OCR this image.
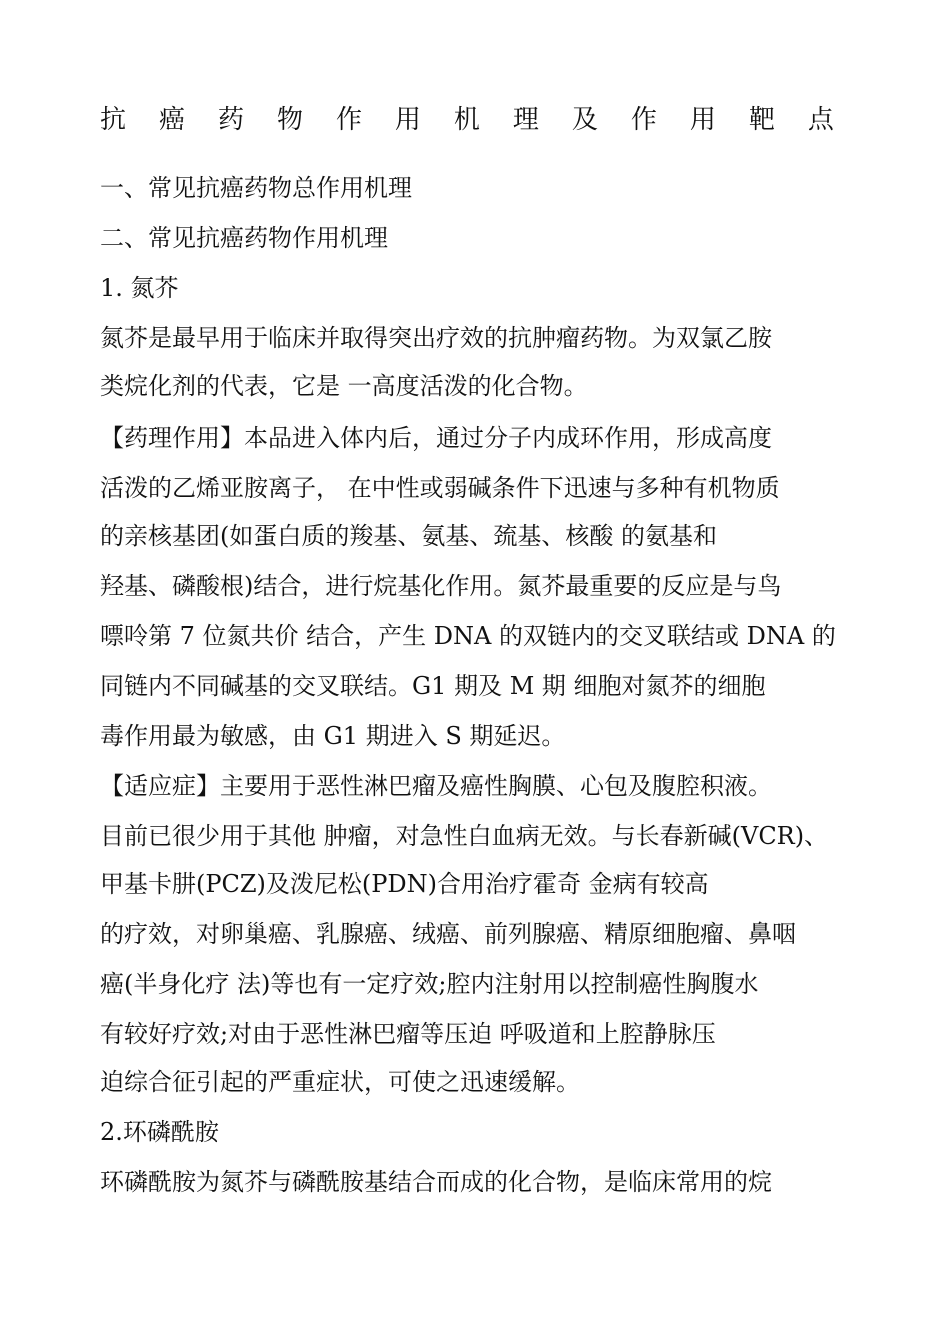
抗 癌 药 物 作 用 机 理 及 作 用 靶 点
一、常见抗癌药物总作用机理
二、常见抗癌药物作用机理
1. 氮芥
氮芥是最早用于临床并取得突出疗效的抗肿瘤药物。为双氯乙胺
类烷化剂的代表，它是 一高度活泼的化合物。
【药理作用】本品进入体内后，通过分子内成环作用，形成高度
活泼的乙烯亚胺离子， 在中性或弱碱条件下迅速与多种有机物质
的亲核基团(如蛋白质的羧基、氨基、巯基、核酸 的氨基和
羟基、磷酸根)结合，进行烷基化作用。氮芥最重要的反应是与鸟
嘌呤第 7 位氮共价 结合，产生 DNA 的双链内的交叉联结或 DNA 的
同链内不同碱基的交叉联结。G1 期及 M 期 细胞对氮芥的细胞
毒作用最为敏感，由 G1 期进入 S 期延迟。
【适应症】主要用于恶性淋巴瘤及癌性胸膜、心包及腹腔积液。
目前已很少用于其他 肿瘤，对急性白血病无效。与长春新碱(VCR)、
甲基卡肼(PCZ)及泼尼松(PDN)合用治疗霍奇 金病有较高
的疗效，对卵巢癌、乳腺癌、绒癌、前列腺癌、精原细胞瘤、鼻咽
癌(半身化疗 法)等也有一定疗效;腔内注射用以控制癌性胸腹水
有较好疗效;对由于恶性淋巴瘤等压迫 呼吸道和上腔静脉压
迫综合征引起的严重症状，可使之迅速缓解。
2.环磷酰胺
环磷酰胺为氮芥与磷酰胺基结合而成的化合物，是临床常用的烷
